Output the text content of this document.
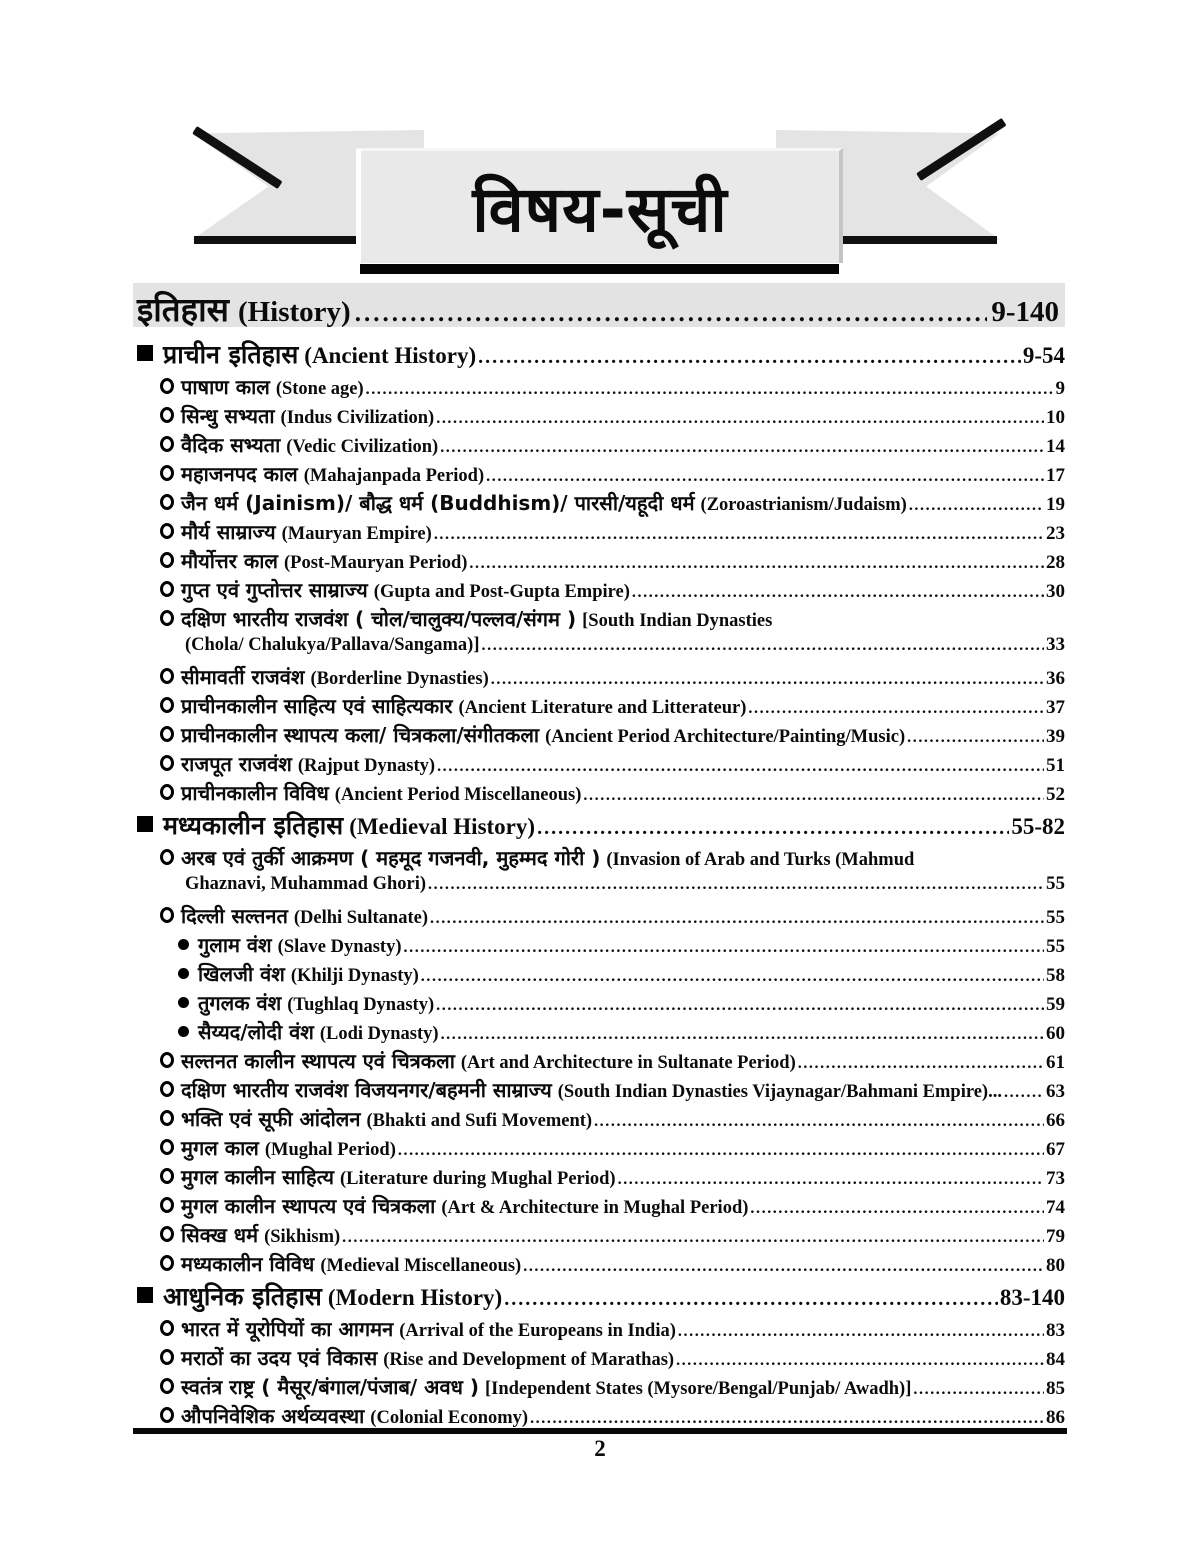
विषय-सूची
इतिहास (History) .....	9-140
प्राचीन इतिहास (Ancient History) .....	9-54
पाषाण काल (Stone age) .....	9
सिन्धु सभ्यता (Indus Civilization) .....	10
वैदिक सभ्यता (Vedic Civilization) .....	14
महाजनपद काल (Mahajanpada Period) .....	17
जैन धर्म (Jainism)/ बौद्ध धर्म (Buddhism)/ पारसी/यहूदी धर्म (Zoroastrianism/Judaism) .....	19
मौर्य साम्राज्य (Mauryan Empire) .....	23
मौर्योत्तर काल (Post-Mauryan Period) .....	28
गुप्त एवं गुप्तोत्तर साम्राज्य (Gupta and Post-Gupta Empire) .....	30
दक्षिण भारतीय राजवंश ( चोल/चालुक्य/पल्लव/संगम ) [South Indian Dynasties
(Chola/ Chalukya/Pallava/Sangama)] .....	33
सीमावर्ती राजवंश (Borderline Dynasties) .....	36
प्राचीनकालीन साहित्य एवं साहित्यकार (Ancient Literature and Litterateur) .....	37
प्राचीनकालीन स्थापत्य कला/ चित्रकला/संगीतकला (Ancient Period Architecture/Painting/Music) .....	39
राजपूत राजवंश (Rajput Dynasty) .....	51
प्राचीनकालीन विविध (Ancient Period Miscellaneous) .....	52
मध्यकालीन इतिहास (Medieval History) .....	55-82
अरब एवं तुर्की आक्रमण ( महमूद गजनवी, मुहम्मद गोरी ) (Invasion of Arab and Turks (Mahmud
Ghaznavi, Muhammad Ghori) .....	55
दिल्ली सल्तनत (Delhi Sultanate) .....	55
गुलाम वंश (Slave Dynasty) .....	55
खिलजी वंश (Khilji Dynasty) .....	58
तुगलक वंश (Tughlaq Dynasty) .....	59
सैय्यद/लोदी वंश (Lodi Dynasty) .....	60
सल्तनत कालीन स्थापत्य एवं चित्रकला (Art and Architecture in Sultanate Period) .....	61
दक्षिण भारतीय राजवंश विजयनगर/बहमनी साम्राज्य (South Indian Dynasties Vijaynagar/Bahmani Empire)... ..... 63
भक्ति एवं सूफी आंदोलन (Bhakti and Sufi Movement) .....	66
मुगल काल (Mughal Period) .....	67
मुगल कालीन साहित्य (Literature during Mughal Period) .....	73
मुगल कालीन स्थापत्य एवं चित्रकला (Art & Architecture in Mughal Period) .....	74
सिक्ख धर्म (Sikhism) .....	79
मध्यकालीन विविध (Medieval Miscellaneous) .....	80
आधुनिक इतिहास (Modern History) .....	83-140
भारत में यूरोपियों का आगमन (Arrival of the Europeans in India) .....	83
मराठों का उदय एवं विकास (Rise and Development of Marathas) .....	84
स्वतंत्र राष्ट्र ( मैसूर/बंगाल/पंजाब/ अवध ) [Independent States (Mysore/Bengal/Punjab/ Awadh)] .....	85
औपनिवेशिक अर्थव्यवस्था (Colonial Economy) .....	86
2
